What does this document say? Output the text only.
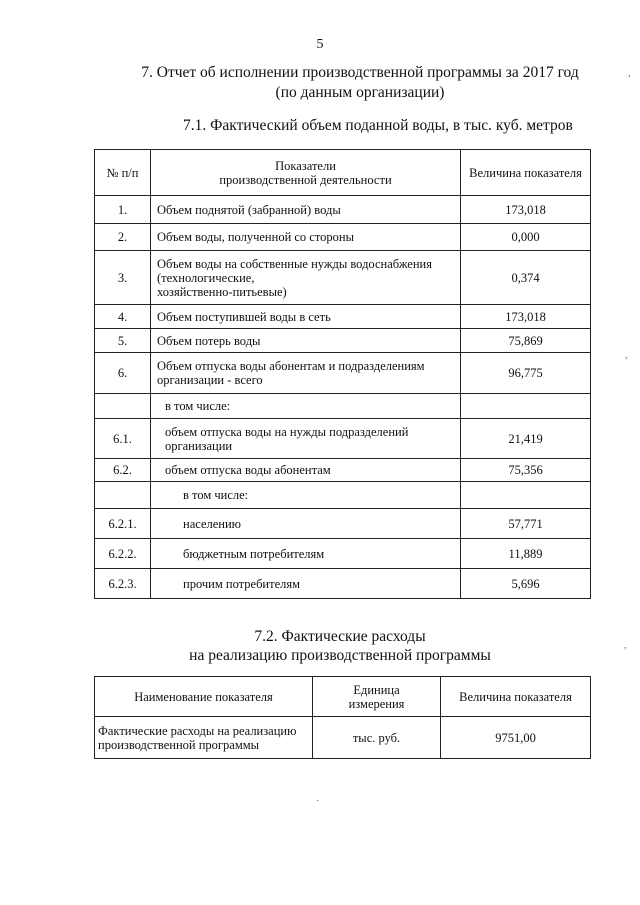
5
7. Отчет об исполнении производственной программы за 2017 год
(по данным организации)
7.1. Фактический объем поданной воды, в тыс. куб. метров
№ п/п	Показатели
производственной деятельности	Величина показателя
1.	Объем поднятой (забранной) воды	173,018
2.	Объем воды, полученной со стороны	0,000
3.	Объем воды на собственные нужды водоснабжения
(технологические,
хозяйственно-питьевые)	0,374
4.	Объем поступившей воды в сеть	173,018
5.	Объем потерь воды	75,869
6.	Объем отпуска воды абонентам и подразделениям
организации - всего	96,775
	в том числе:	
6.1.	объем отпуска воды на нужды подразделений
организации	21,419
6.2.	объем отпуска воды абонентам	75,356
	в том числе:	
6.2.1.	населению	57,771
6.2.2.	бюджетным потребителям	11,889
6.2.3.	прочим потребителям	5,696
7.2. Фактические расходы
на реализацию производственной программы
Наименование показателя	Единица
измерения	Величина показателя

Фактические расходы на реализацию
производственной программы	тыс. руб.	9751,00
,
,
,
·
